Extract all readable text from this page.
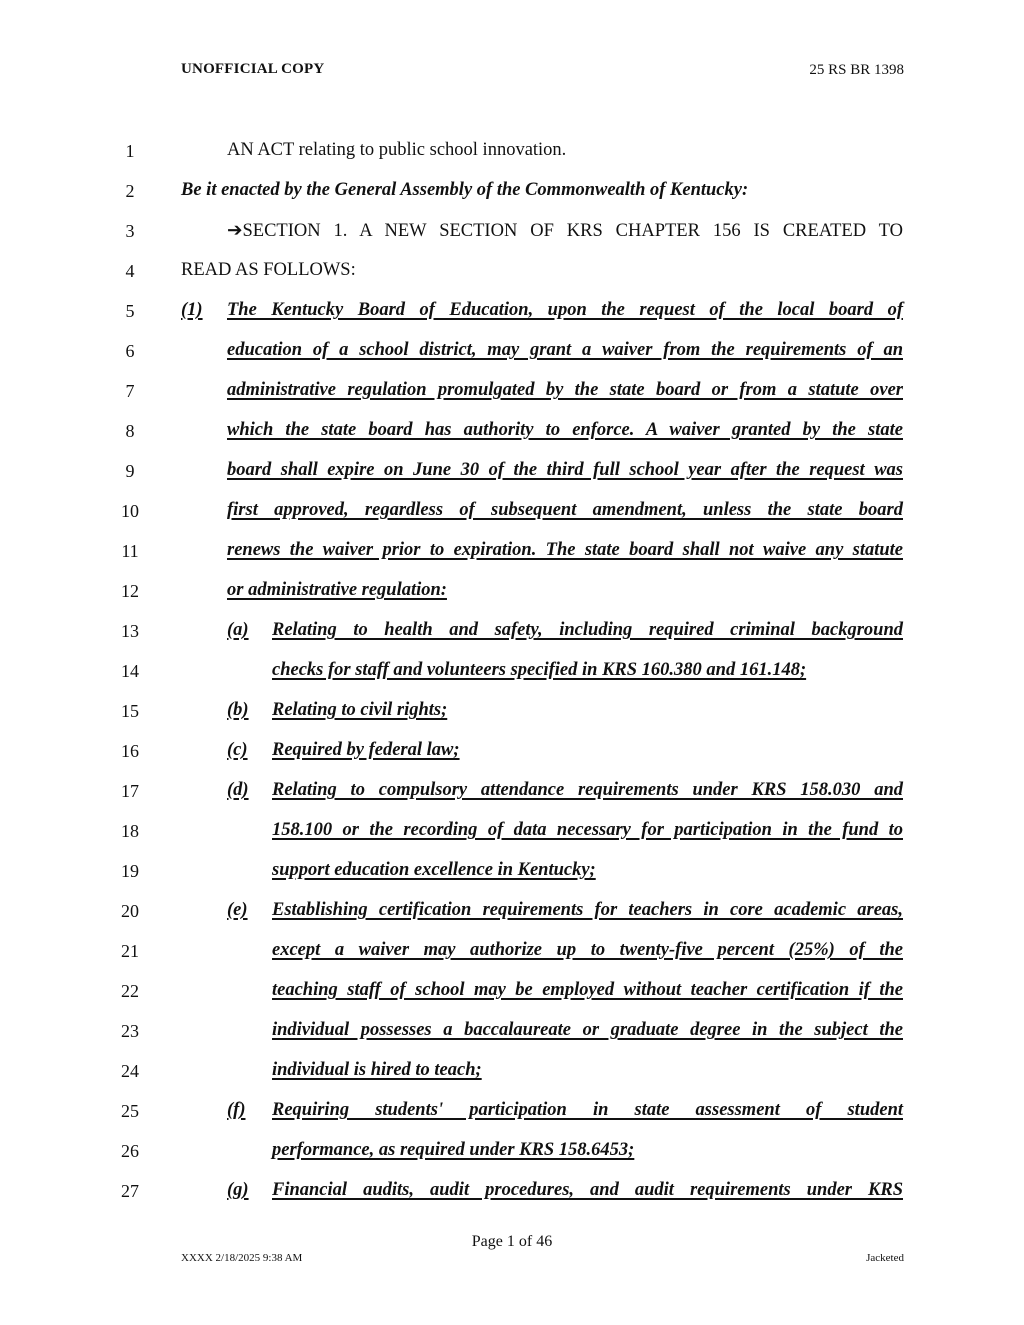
UNOFFICIAL COPY	25 RS BR 1398
1
2
3
4
5
6
7
8
9
10
11
12
13
14
15
16
17
18
19
20
21
22
23
24
25
26
27
AN ACT relating to public school innovation.
Be it enacted by the General Assembly of the Commonwealth of Kentucky:
➔SECTION 1. A NEW SECTION OF KRS CHAPTER 156 IS CREATED TO
READ AS FOLLOWS:
(1) The Kentucky Board of Education, upon the request of the local board of
education of a school district, may grant a waiver from the requirements of an
administrative regulation promulgated by the state board or from a statute over
which the state board has authority to enforce. A waiver granted by the state
board shall expire on June 30 of the third full school year after the request was
first approved, regardless of subsequent amendment, unless the state board
renews the waiver prior to expiration. The state board shall not waive any statute
or administrative regulation:
(a) Relating to health and safety, including required criminal background
checks for staff and volunteers specified in KRS 160.380 and 161.148;
(b) Relating to civil rights;
(c) Required by federal law;
(d) Relating to compulsory attendance requirements under KRS 158.030 and
158.100 or the recording of data necessary for participation in the fund to
support education excellence in Kentucky;
(e) Establishing certification requirements for teachers in core academic areas,
except a waiver may authorize up to twenty-five percent (25%) of the
teaching staff of school may be employed without teacher certification if the
individual possesses a baccalaureate or graduate degree in the subject the
individual is hired to teach;
(f) Requiring students' participation in state assessment of student
performance, as required under KRS 158.6453;
(g) Financial audits, audit procedures, and audit requirements under KRS
Page 1 of 46
XXXX 2/18/2025 9:38 AM	Jacketed
